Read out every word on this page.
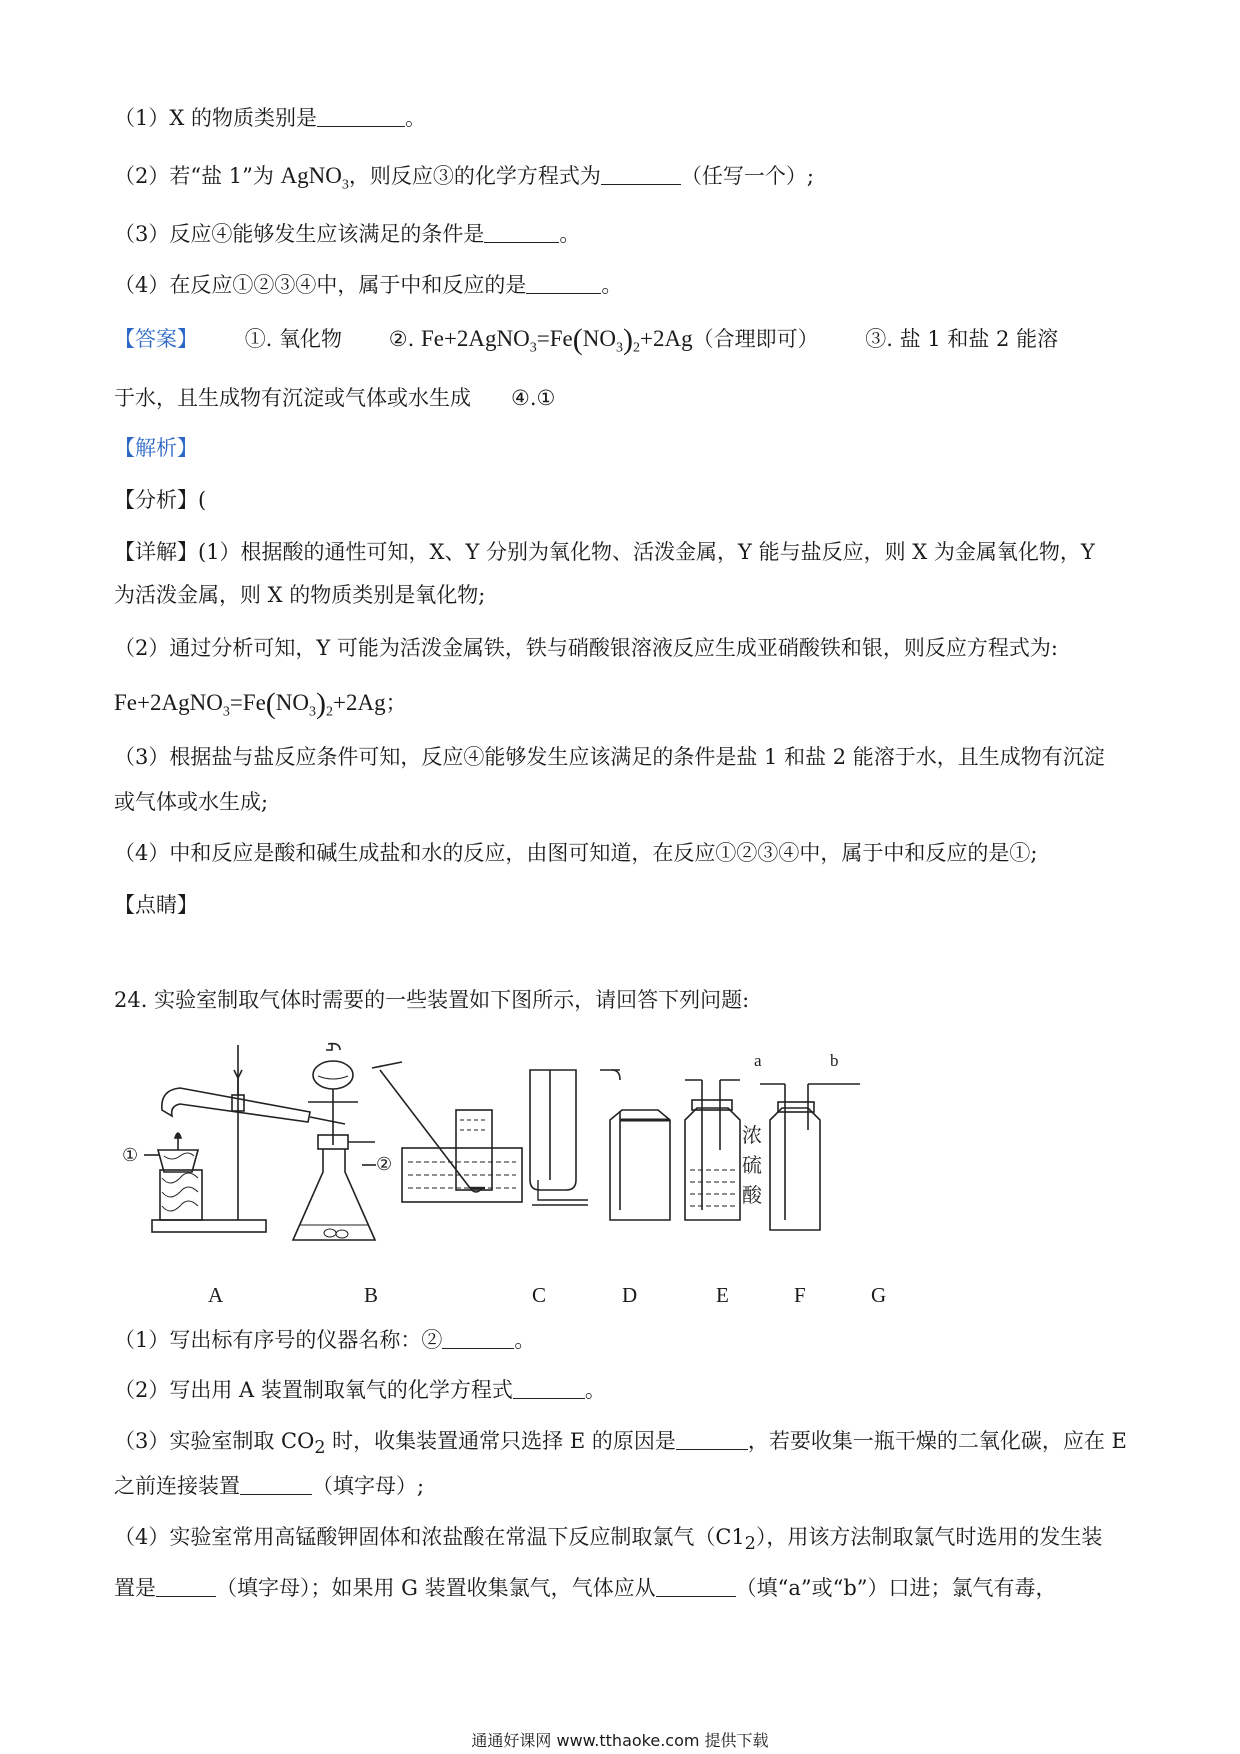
（1）X 的物质类别是	。
（2）若“盐 1”为 AgNO$_3$，则反应③的化学方程式为	（任写一个）;
（3）反应④能够发生应该满足的条件是	。
（4）在反应①②③④中，属于中和反应的是	。
【答案】 ①. 氧化物 ②. $Fe+2AgNO_3=Fe(NO_3)_2+2Ag$（合理即可） ③. 盐 1 和盐 2 能溶
于水，且生成物有沉淀或气体或水生成 ④.①
【解析】
【分析】(
【详解】(1）根据酸的通性可知，X、Y 分别为氧化物、活泼金属，Y 能与盐反应，则 X 为金属氧化物，Y
为活泼金属，则 X 的物质类别是氧化物;
（2）通过分析可知，Y 可能为活泼金属铁，铁与硝酸银溶液反应生成亚硝酸铁和银，则反应方程式为:
$Fe+2AgNO_3=Fe(NO_3)_2+2Ag$；
（3）根据盐与盐反应条件可知，反应④能够发生应该满足的条件是盐 1 和盐 2 能溶于水，且生成物有沉淀
或气体或水生成;
（4）中和反应是酸和碱生成盐和水的反应，由图可知道，在反应①②③④中，属于中和反应的是①;
【点睛】
24. 实验室制取气体时需要的一些装置如下图所示，请回答下列问题:
①	②
浓
硫
酸
a	b
A	B	C	D	E	F	G
（1）写出标有序号的仪器名称：②	。
（2）写出用 A 装置制取氧气的化学方程式	。
（3）实验室制取 $CO_2$ 时，收集装置通常只选择 E 的原因是	，若要收集一瓶干燥的二氧化碳，应在 E
之前连接装置	（填字母）;
（4）实验室常用高锰酸钾固体和浓盐酸在常温下反应制取氯气$(C1_2)$，用该方法制取氯气时选用的发生装
置是	（填字母）；如果用 G 装置收集氯气，气体应从	（填“a”或“b”）口进；氯气有毒，
通通好课网 www.tthaoke.com 提供下载
